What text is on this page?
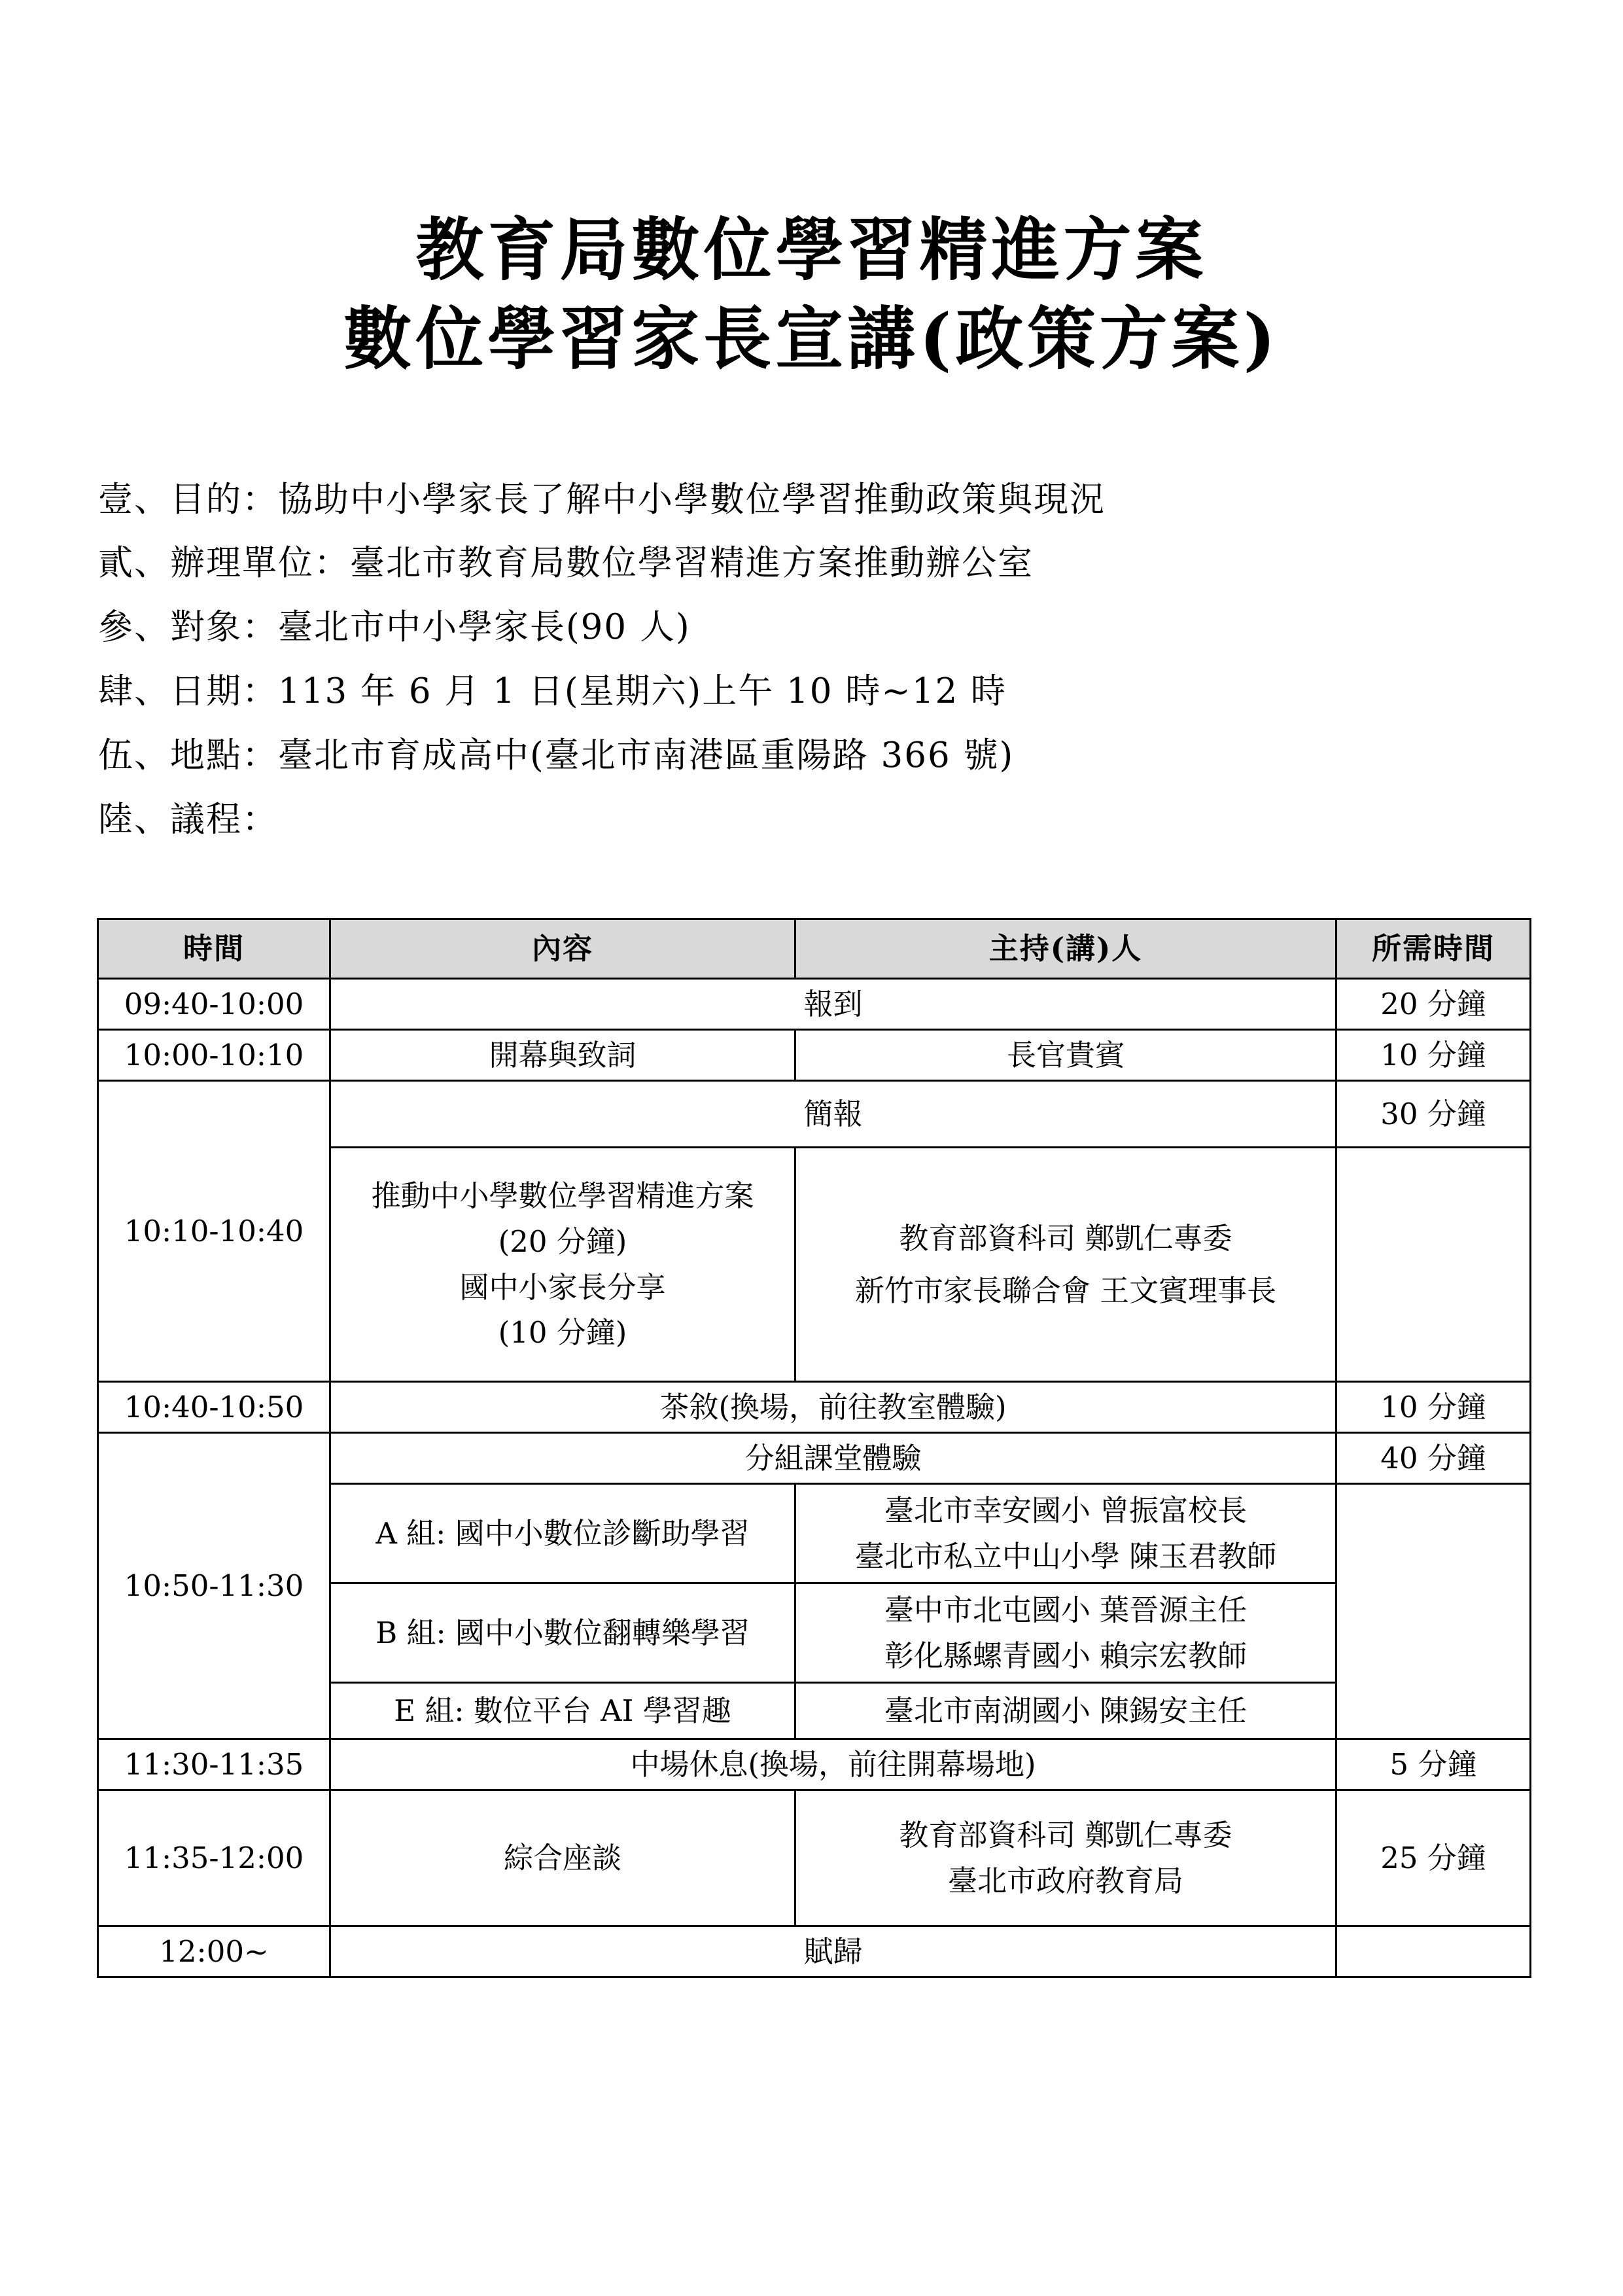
教育局數位學習精進方案
數位學習家長宣講(政策方案)
壹、目的：協助中小學家長了解中小學數位學習推動政策與現況
貳、辦理單位：臺北市教育局數位學習精進方案推動辦公室
參、對象：臺北市中小學家長(90 人)
肆、日期：113 年 6 月 1 日(星期六)上午 10 時~12 時
伍、地點：臺北市育成高中(臺北市南港區重陽路 366 號)
陸、議程：
時間	內容	主持(講)人	所需時間
09:40-10:00	報到		20 分鐘
10:00-10:10	開幕與致詞	長官貴賓	10 分鐘
10:10-10:40	簡報		30 分鐘

	推動中小學數位學習精進方案
(20 分鐘)
國中小家長分享
(10 分鐘)	教育部資科司 鄭凱仁專委
新竹市家長聯合會 王文賓理事長	

10:40-10:50	茶敘(換場，前往教室體驗)		10 分鐘
10:50-11:30	分組課堂體驗		40 分鐘
	A 組: 國中小數位診斷助學習	臺北市幸安國小 曾振富校長
臺北市私立中山小學 陳玉君教師	

	B 組: 國中小數位翻轉樂學習	臺中市北屯國小 葉晉源主任
彰化縣螺青國小 賴宗宏教師	

	E 組: 數位平台 AI 學習趣	臺北市南湖國小 陳錫安主任	

11:30-11:35	中場休息(換場，前往開幕場地)		5 分鐘
11:35-12:00	綜合座談	教育部資科司 鄭凱仁專委
臺北市政府教育局	25 分鐘
12:00~	賦歸		
